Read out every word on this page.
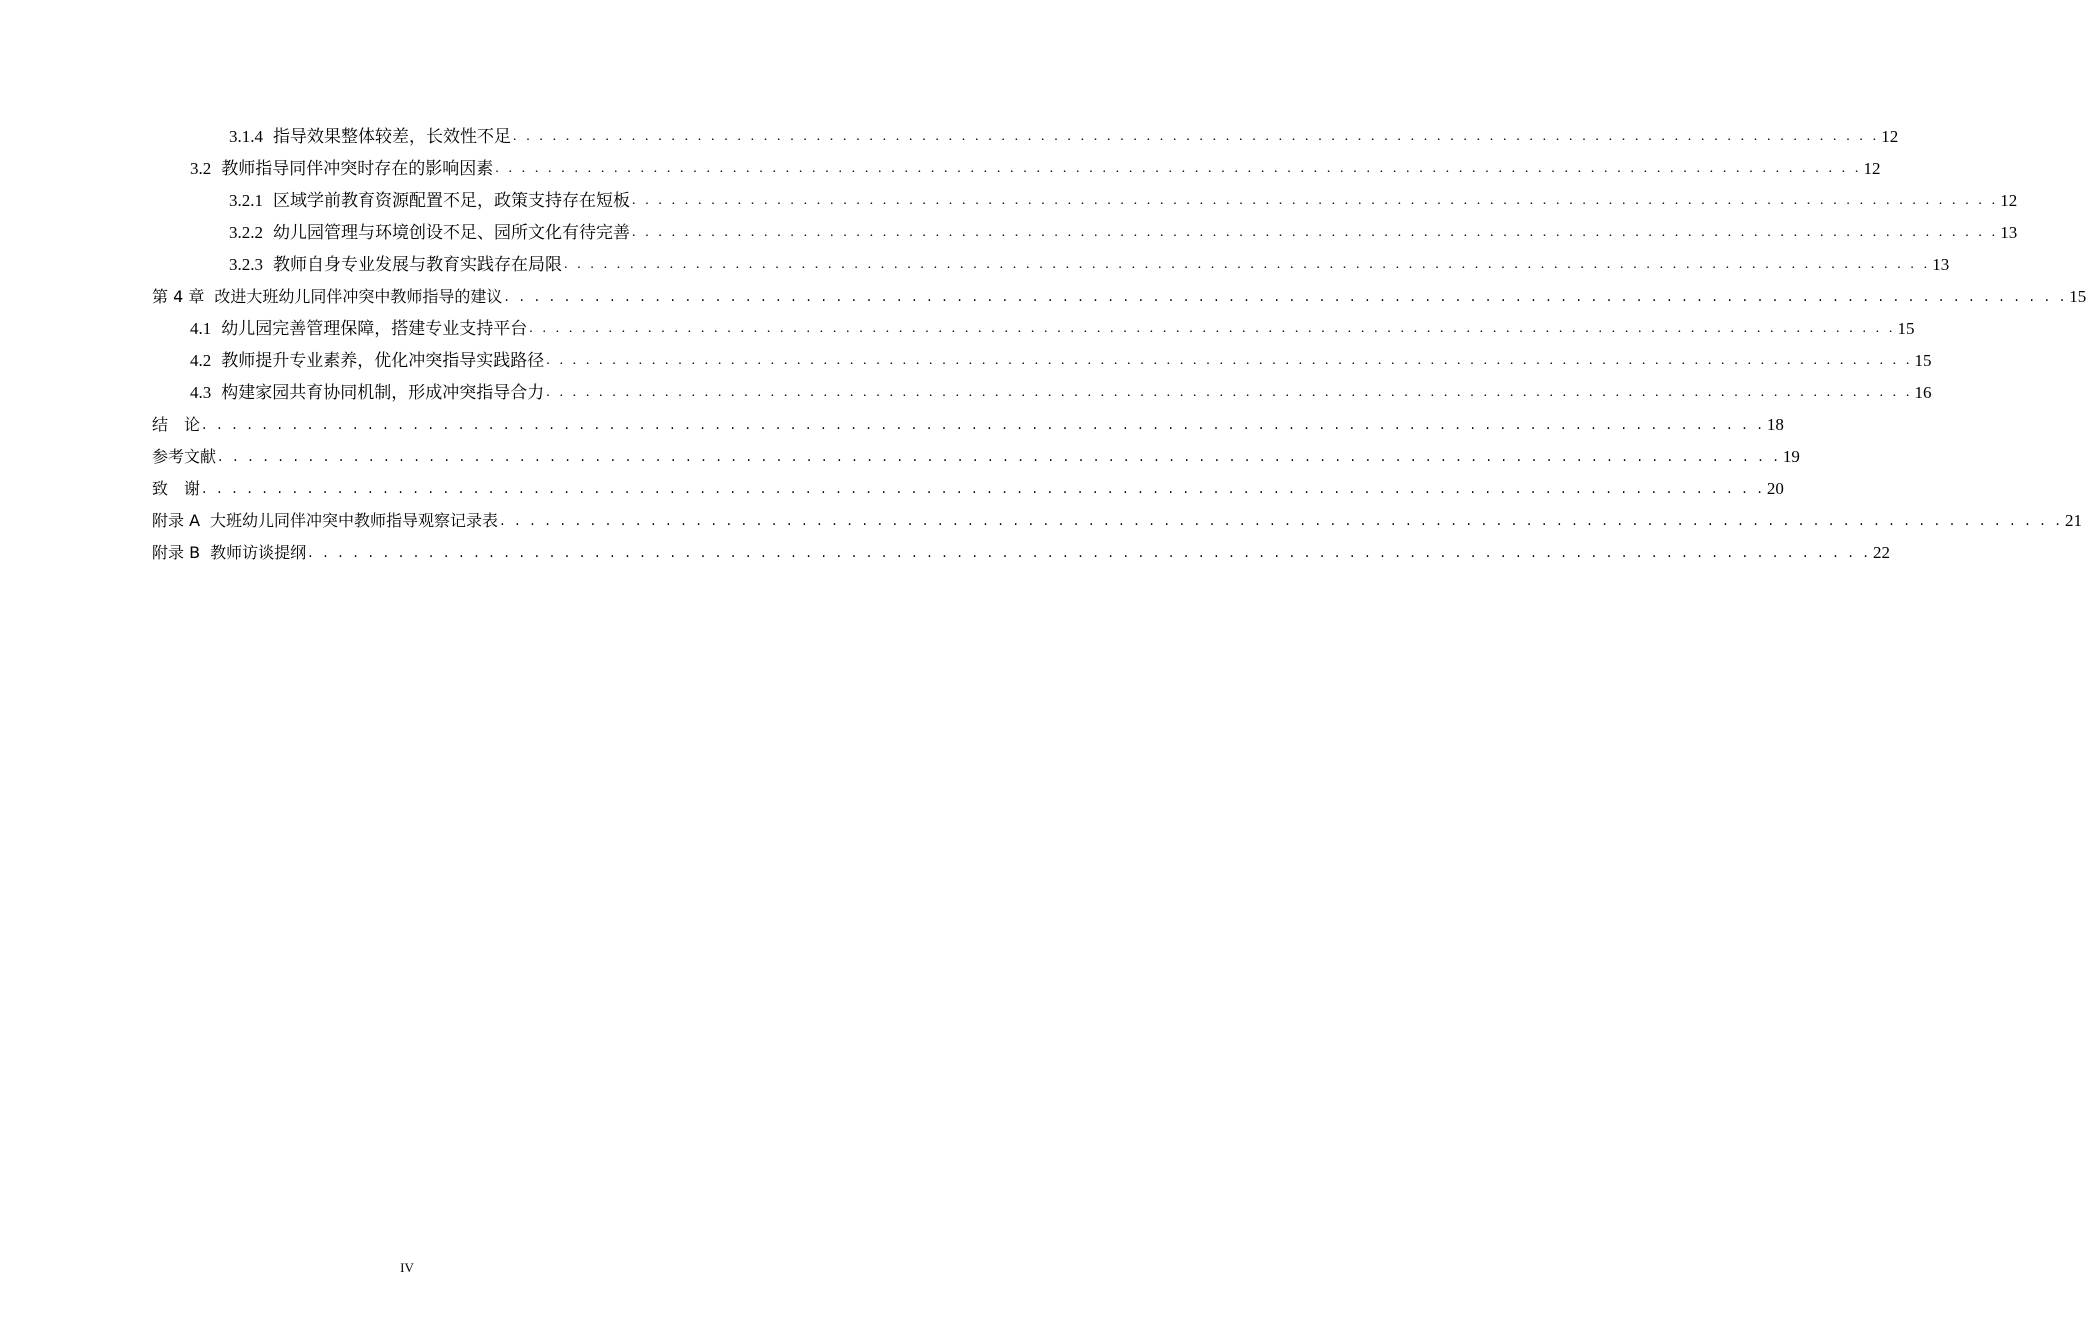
3.1.4 指导效果整体较差，长效性不足 . . . . . . . . . . . . . . . . . . . . . . . . . . . . . . . . . . . . . . . . . . . . . . . . . . . . . . . . . . . . . . . . . . . . . . . . . . . . . . . . . . . . . . . . . . . . . . . . . . . . . . . . 12
3.2 教师指导同伴冲突时存在的影响因素 . . . . . . . . . . . . . . . . . . . . . . . . . . . . . . . . . . . . . . . . . . . . . . . . . . . . . . . . . . . . . . . . . . . . . . . . . . . . . . . . . . . . . . . . . . . . . . . . . . . . . . . . 12
3.2.1 区域学前教育资源配置不足，政策支持存在短板 . . . . . . . . . . . . . . . . . . . . . . . . . . . . . . . . . . . . . . . . . . . . . . . . . . . . . . . . . . . . . . . . . . . . . . . . . . . . . . . . . . . . . . . . . . . . . . . . . . . . . . . . 12
3.2.2 幼儿园管理与环境创设不足、园所文化有待完善 . . . . . . . . . . . . . . . . . . . . . . . . . . . . . . . . . . . . . . . . . . . . . . . . . . . . . . . . . . . . . . . . . . . . . . . . . . . . . . . . . . . . . . . . . . . . . . . . . . . . . . . . 13
3.2.3 教师自身专业发展与教育实践存在局限 . . . . . . . . . . . . . . . . . . . . . . . . . . . . . . . . . . . . . . . . . . . . . . . . . . . . . . . . . . . . . . . . . . . . . . . . . . . . . . . . . . . . . . . . . . . . . . . . . . . . . . . . 13
第 4 章 改进大班幼儿同伴冲突中教师指导的建议 . . . . . . . . . . . . . . . . . . . . . . . . . . . . . . . . . . . . . . . . . . . . . . . . . . . . . . . . . . . . . . . . . . . . . . . . . . . . . . . . . . . . . . . . . . . . . . . . . . . . . . . . 15
4.1 幼儿园完善管理保障，搭建专业支持平台 . . . . . . . . . . . . . . . . . . . . . . . . . . . . . . . . . . . . . . . . . . . . . . . . . . . . . . . . . . . . . . . . . . . . . . . . . . . . . . . . . . . . . . . . . . . . . . . . . . . . . . . . 15
4.2 教师提升专业素养，优化冲突指导实践路径 . . . . . . . . . . . . . . . . . . . . . . . . . . . . . . . . . . . . . . . . . . . . . . . . . . . . . . . . . . . . . . . . . . . . . . . . . . . . . . . . . . . . . . . . . . . . . . . . . . . . . . . . 15
4.3 构建家园共育协同机制，形成冲突指导合力 . . . . . . . . . . . . . . . . . . . . . . . . . . . . . . . . . . . . . . . . . . . . . . . . . . . . . . . . . . . . . . . . . . . . . . . . . . . . . . . . . . . . . . . . . . . . . . . . . . . . . . . . 16
结　论 . . . . . . . . . . . . . . . . . . . . . . . . . . . . . . . . . . . . . . . . . . . . . . . . . . . . . . . . . . . . . . . . . . . . . . . . . . . . . . . . . . . . . . . . . . . . . . . . . . . . . . . . 18
参考文献 . . . . . . . . . . . . . . . . . . . . . . . . . . . . . . . . . . . . . . . . . . . . . . . . . . . . . . . . . . . . . . . . . . . . . . . . . . . . . . . . . . . . . . . . . . . . . . . . . . . . . . . . 19
致　谢 . . . . . . . . . . . . . . . . . . . . . . . . . . . . . . . . . . . . . . . . . . . . . . . . . . . . . . . . . . . . . . . . . . . . . . . . . . . . . . . . . . . . . . . . . . . . . . . . . . . . . . . . 20
附录 A 大班幼儿同伴冲突中教师指导观察记录表 . . . . . . . . . . . . . . . . . . . . . . . . . . . . . . . . . . . . . . . . . . . . . . . . . . . . . . . . . . . . . . . . . . . . . . . . . . . . . . . . . . . . . . . . . . . . . . . . . . . . . . . . 21
附录 B 教师访谈提纲 . . . . . . . . . . . . . . . . . . . . . . . . . . . . . . . . . . . . . . . . . . . . . . . . . . . . . . . . . . . . . . . . . . . . . . . . . . . . . . . . . . . . . . . . . . . . . . . . . . . . . . . . 22
IV
